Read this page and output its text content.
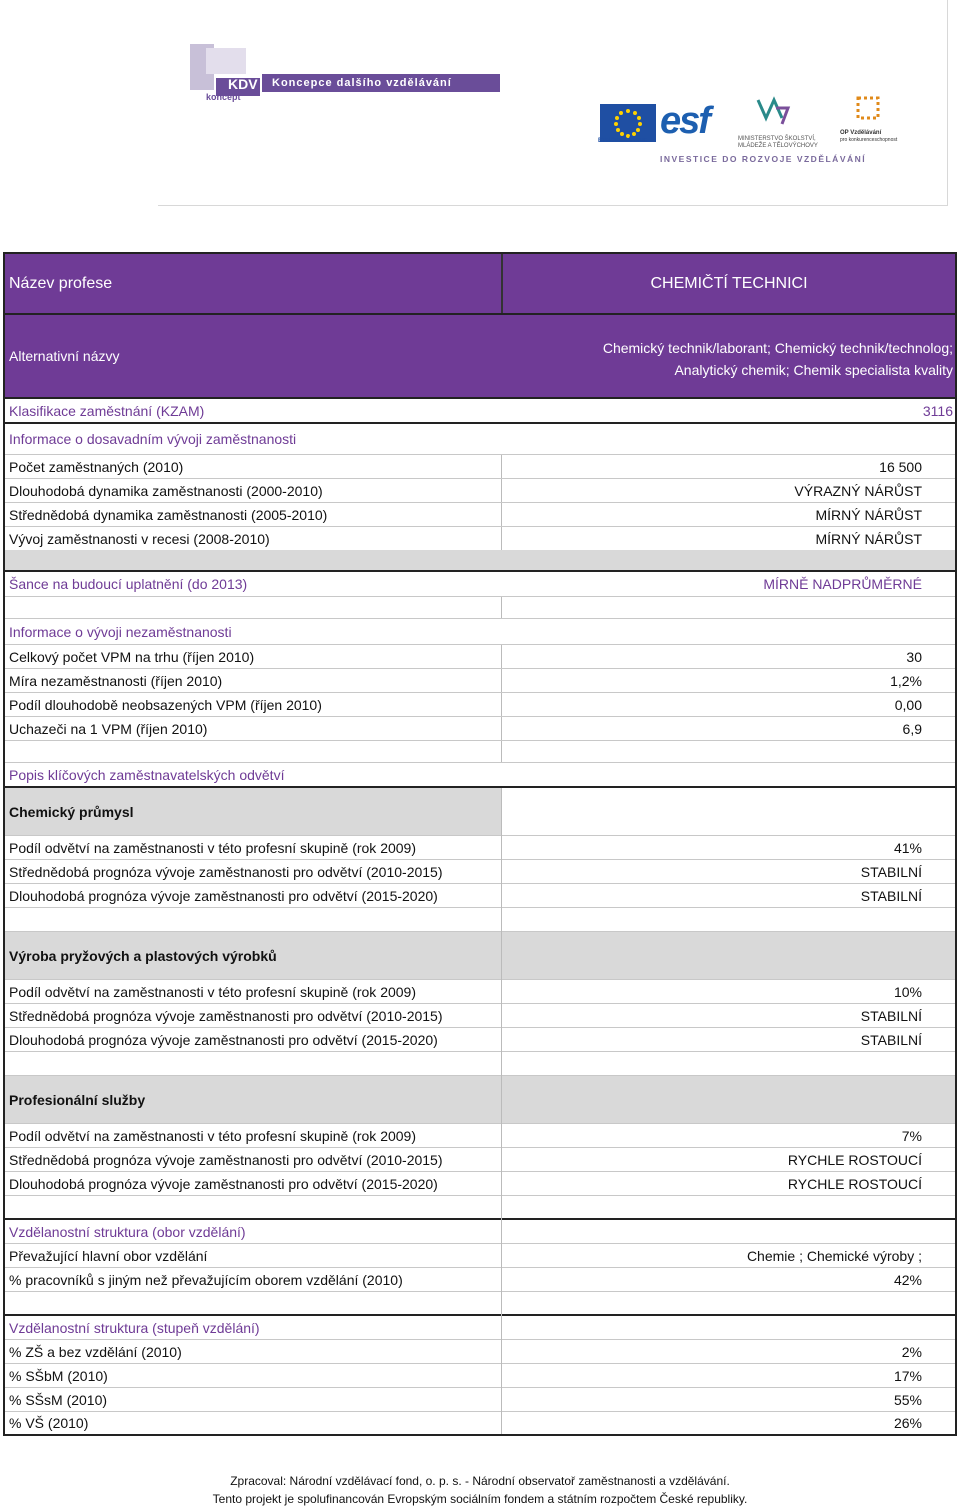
KDV	Koncepce dalšího vzdělávání
koncept
EVROPSKÁ UNIE esf	MINISTERSTVO ŠKOLSTVÍ,
MLÁDEŽE A TĚLOVÝCHOVY
OP Vzdělávání
pro konkurenceschopnost
INVESTICE DO ROZVOJE VZDĚLÁVÁNÍ
Název profese	CHEMIČTÍ TECHNICI
Alternativní názvy	Chemický technik/laborant; Chemický technik/technolog;
Analytický chemik; Chemik specialista kvality
Klasifikace zaměstnání (KZAM)	3116
Informace o dosavadním vývoji zaměstnanosti
Počet zaměstnaných (2010)	16 500
Dlouhodobá dynamika zaměstnanosti (2000-2010)	VÝRAZNÝ NÁRŮST
Střednědobá dynamika zaměstnanosti (2005-2010)	MÍRNÝ NÁRŮST
Vývoj zaměstnanosti v recesi (2008-2010)	MÍRNÝ NÁRŮST
Šance na budoucí uplatnění (do 2013)	MÍRNĚ NADPRŮMĚRNÉ
Informace o vývoji nezaměstnanosti
Celkový počet VPM na trhu (říjen 2010)	30
Míra nezaměstnanosti (říjen 2010)	1,2%
Podíl dlouhodobě neobsazených VPM (říjen 2010)	0,00
Uchazeči na 1 VPM (říjen 2010)	6,9
Popis klíčových zaměstnavatelských odvětví
Chemický průmysl
Podíl odvětví na zaměstnanosti v této profesní skupině (rok 2009)	41%
Střednědobá prognóza vývoje zaměstnanosti pro odvětví (2010-2015)	STABILNÍ
Dlouhodobá prognóza vývoje zaměstnanosti pro odvětví (2015-2020)	STABILNÍ
Výroba pryžových a plastových výrobků
Podíl odvětví na zaměstnanosti v této profesní skupině (rok 2009)	10%
Střednědobá prognóza vývoje zaměstnanosti pro odvětví (2010-2015)	STABILNÍ
Dlouhodobá prognóza vývoje zaměstnanosti pro odvětví (2015-2020)	STABILNÍ
Profesionální služby
Podíl odvětví na zaměstnanosti v této profesní skupině (rok 2009)	7%
Střednědobá prognóza vývoje zaměstnanosti pro odvětví (2010-2015)	RYCHLE ROSTOUCÍ
Dlouhodobá prognóza vývoje zaměstnanosti pro odvětví (2015-2020)	RYCHLE ROSTOUCÍ
Vzdělanostní struktura (obor vzdělání)
Převažující hlavní obor vzdělání	Chemie ; Chemické výroby ;
% pracovníků s jiným než převažujícím oborem vzdělání (2010)	42%
Vzdělanostní struktura (stupeň vzdělání)
% ZŠ a bez vzdělání (2010)	2%
% SŠbM (2010)	17%
% SŠsM (2010)	55%
% VŠ (2010)	26%
Zpracoval: Národní vzdělávací fond, o. p. s. - Národní observatoř zaměstnanosti a vzdělávání.
Tento projekt je spolufinancován Evropským sociálním fondem a státním rozpočtem České republiky.
